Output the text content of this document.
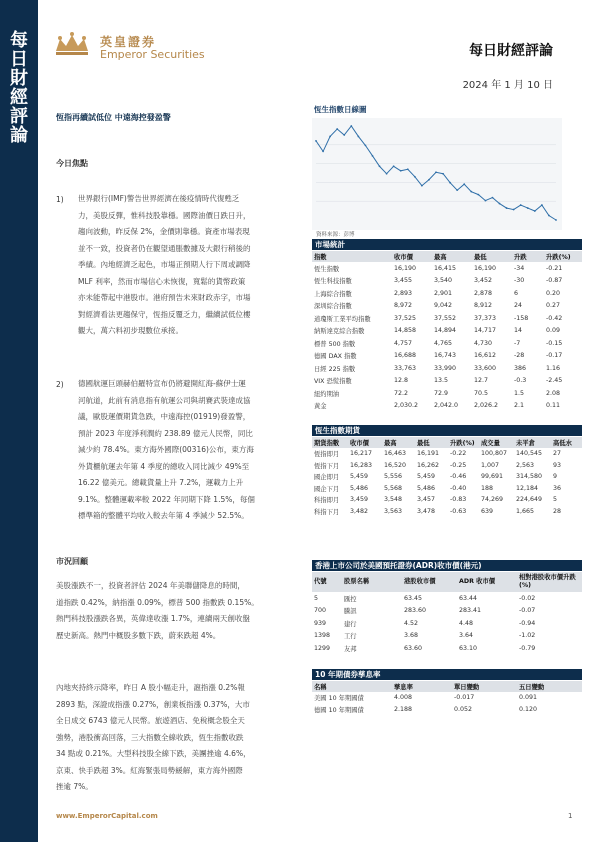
每日財經評論	英皇證券
Emperor Securities	每日財經評論
2024 年 1 月 10 日
恆指再續試低位 中遠海控發盈警
今日焦點
1) 世界銀行(IMF)警告世界經濟在後疫情時代復甦乏
力，美股反彈，惟科技股靠穩。國際油價日跌日升，
趨向波動，昨反保 2%，金價則靠穩。資產市場表現
並不一致，投資者仍在觀望通脹數據及大銀行稍後的
季績。內地經濟乏起色，市場正預期人行下周或調降
MLF 利率，然而市場信心未恢復，寬鬆的貨幣政策
亦未能帶起中港股市。港府預告未來財政赤字，市場
對經濟看法更趨保守，恆指反覆乏力，繼續試低位樓
觀大，萬六料初步現數位承接。
2) 德國航運巨頭赫伯羅特宣布仍將避開紅海-蘇伊士運
河航道，此前有消息指有航運公司與胡賽武裝達成協
議，歐股運價期貨急跌，中遠海控(01919)發盈警，
預計 2023 年度淨利潤約 238.89 億元人民幣，同比
減少約 78.4%。東方海外國際(00316)公布，東方海
外貨櫃航運去年第 4 季度的總收入同比減少 49%至
16.22 億美元。總載貨量上升 7.2%，運載力上升
9.1%。整體運載率較 2022 年同期下降 1.5%，每個
標準箱的整體平均收入較去年第 4 季減少 52.5%。
市況回顧
美股漲跌不一，投資者評估 2024 年美聯儲降息的時間，
道指跌 0.42%，納指漲 0.09%，標普 500 指數跌 0.15%。
熱門科技股漲跌各異，英偉達收漲 1.7%，連續兩天創收盤
歷史新高。熱門中概股多數下跌，蔚來跌超 4%。
內地夾持終示降率，昨日 A 股小幅走升，滬指漲 0.2%報
2893 點，深證成指漲 0.27%，創業板指漲 0.37%，大市
全日成交 6743 億元人民幣。旅遊酒店、免稅概念股全天
強勢，港股衝高回落，三大指數全線收跌，恆生指數收跌
34 點或 0.21%。大型科技股全線下跌，美團挫逾 4.6%，
京東、快手跌超 3%。紅海緊張局勢緩解，東方海外國際
挫逾 7%。
恆生指數日線圖
資料來源：彭博
市場統計
指數	收市價	最高	最低	升跌	升跌(%)
恆生指數	16,190	16,415	16,190	-34	-0.21
恆生科技指數	3,455	3,540	3,452	-30	-0.87
上海綜合指數	2,893	2,901	2,878	6	0.20
深圳綜合指數	8,972	9,042	8,912	24	0.27
道瓊斯工業平均指數	37,525	37,552	37,373	-158	-0.42
納斯達克綜合指數	14,858	14,894	14,717	14	0.09
標普 500 指數	4,757	4,765	4,730	-7	-0.15
德國 DAX 指數	16,688	16,743	16,612	-28	-0.17
日經 225 指數	33,763	33,990	33,600	386	1.16
VIX 恐慌指數	12.8	13.5	12.7	-0.3	-2.45
紐約期油	72.2	72.9	70.5	1.5	2.08
黃金	2,030.2	2,042.0	2,026.2	2.1	0.11
恆生指數期貨
期貨指數	收市價	最高	最低	升跌(%)	成交量	未平倉	高低水
恆指即月	16,217	16,463	16,191	-0.22	100,807	140,545	27
恆指下月	16,283	16,520	16,262	-0.25	1,007	2,563	93
國企即月	5,459	5,556	5,459	-0.46	99,691	314,580	9
國企下月	5,486	5,568	5,486	-0.40	188	12,184	36
科指即月	3,459	3,548	3,457	-0.83	74,269	224,649	5
科指下月	3,482	3,563	3,478	-0.63	639	1,665	28
香港上市公司於美國預托證券(ADR)收市價(港元)
代號	股票名稱	港股收市價	ADR 收市價	相對港股收市價升跌(%)
5	匯控	63.45	63.44	-0.02
700	騰訊	283.60	283.41	-0.07
939	建行	4.52	4.48	-0.94
1398	工行	3.68	3.64	-1.02
1299	友邦	63.60	63.10	-0.79
10 年期債券孳息率
名稱	孳息率	單日變動	五日變動
美國 10 年期國債	4.008	-0.017	0.091
德國 10 年期國債	2.188	0.052	0.120
www.EmperorCapital.com	1
